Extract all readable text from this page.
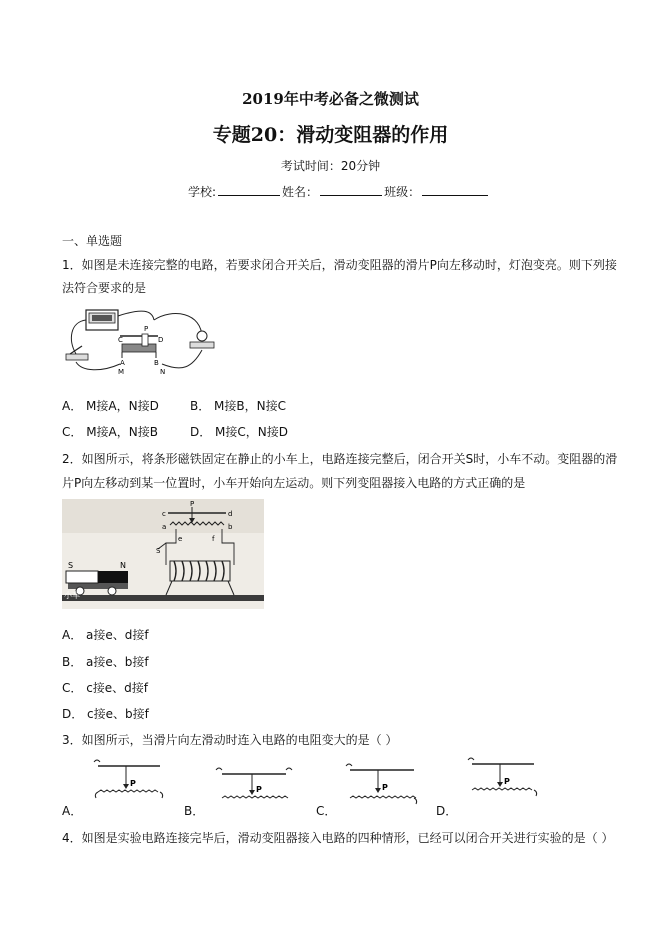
2019年中考必备之微测试
专题20：滑动变阻器的作用
考试时间：20分钟
学校:	姓名：	班级：
一、单选题
1．如图是未连接完整的电路，若要求闭合开关后，滑动变阻器的滑片P向左移动时，灯泡变亮。则下列接
法符合要求的是
C
P
D
A	B
M	N
A． M接A，N接D	B． M接B，N接C
C． M接A，N接B	D． M接C，N接D
2．如图所示，将条形磁铁固定在静止的小车上，电路连接完整后，闭合开关S时，小车不动。变阻器的滑
片P向左移动到某一位置时，小车开始向左运动。则下列变阻器接入电路的方式正确的是
S	N
小车
P
c	d
a	b
e	f
S
A． a接e、d接f
B． a接e、b接f
C． c接e、d接f
D． c接e、b接f
3．如图所示，当滑片向左滑动时连入电路的电阻变大的是（ ）
P
A．
P
B．
P
C．
P
D．
4．如图是实验电路连接完毕后，滑动变阻器接入电路的四种情形，已经可以闭合开关进行实验的是（ ）
